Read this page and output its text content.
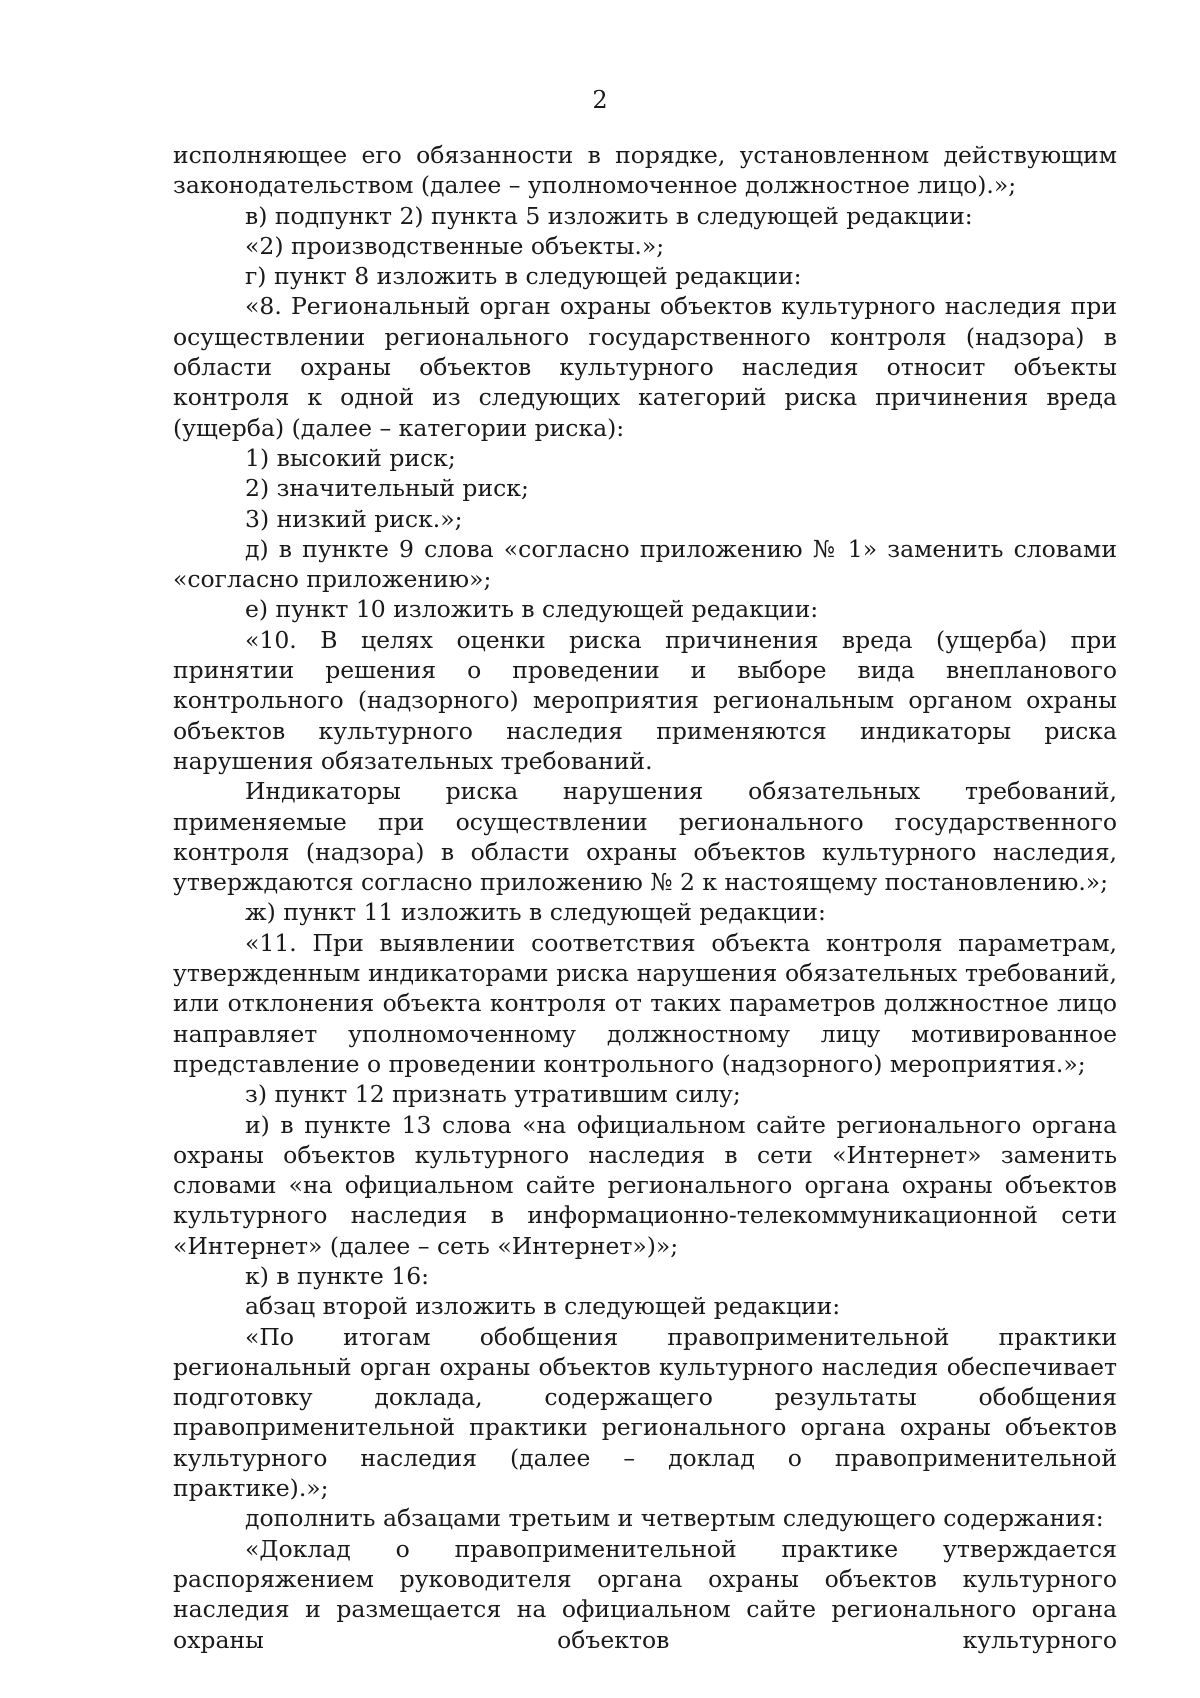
2

исполняющее его обязанности в порядке, установленном действующим законодательством (далее – уполномоченное должностное лицо).»;

в) подпункт 2) пункта 5 изложить в следующей редакции:

«2) производственные объекты.»;

г) пункт 8 изложить в следующей редакции:

«8. Региональный орган охраны объектов культурного наследия при осуществлении регионального государственного контроля (надзора) в области охраны объектов культурного наследия относит объекты контроля к одной из следующих категорий риска причинения вреда (ущерба) (далее – категории риска):

1) высокий риск;

2) значительный риск;

3) низкий риск.»;

д) в пункте 9 слова «согласно приложению № 1» заменить словами «согласно приложению»;

е) пункт 10 изложить в следующей редакции:

«10. В целях оценки риска причинения вреда (ущерба) при принятии решения о проведении и выборе вида внепланового контрольного (надзорного) мероприятия региональным органом охраны объектов культурного наследия применяются индикаторы риска нарушения обязательных требований.

Индикаторы риска нарушения обязательных требований, применяемые при осуществлении регионального государственного контроля (надзора) в области охраны объектов культурного наследия, утверждаются согласно приложению № 2 к настоящему постановлению.»;

ж) пункт 11 изложить в следующей редакции:

«11. При выявлении соответствия объекта контроля параметрам, утвержденным индикаторами риска нарушения обязательных требований, или отклонения объекта контроля от таких параметров должностное лицо направляет уполномоченному должностному лицу мотивированное представление о проведении контрольного (надзорного) мероприятия.»;

з) пункт 12 признать утратившим силу;

и) в пункте 13 слова «на официальном сайте регионального органа охраны объектов культурного наследия в сети «Интернет» заменить словами «на официальном сайте регионального органа охраны объектов культурного наследия в информационно-телекоммуникационной сети «Интернет» (далее – сеть «Интернет»)»;

к) в пункте 16:

абзац второй изложить в следующей редакции:

«По итогам обобщения правоприменительной практики региональный орган охраны объектов культурного наследия обеспечивает подготовку доклада, содержащего результаты обобщения правоприменительной практики регионального органа охраны объектов культурного наследия (далее – доклад о правоприменительной практике).»;

дополнить абзацами третьим и четвертым следующего содержания:

«Доклад о правоприменительной практике утверждается распоряжением руководителя органа охраны объектов культурного наследия и размещается на официальном сайте регионального органа охраны объектов культурного
